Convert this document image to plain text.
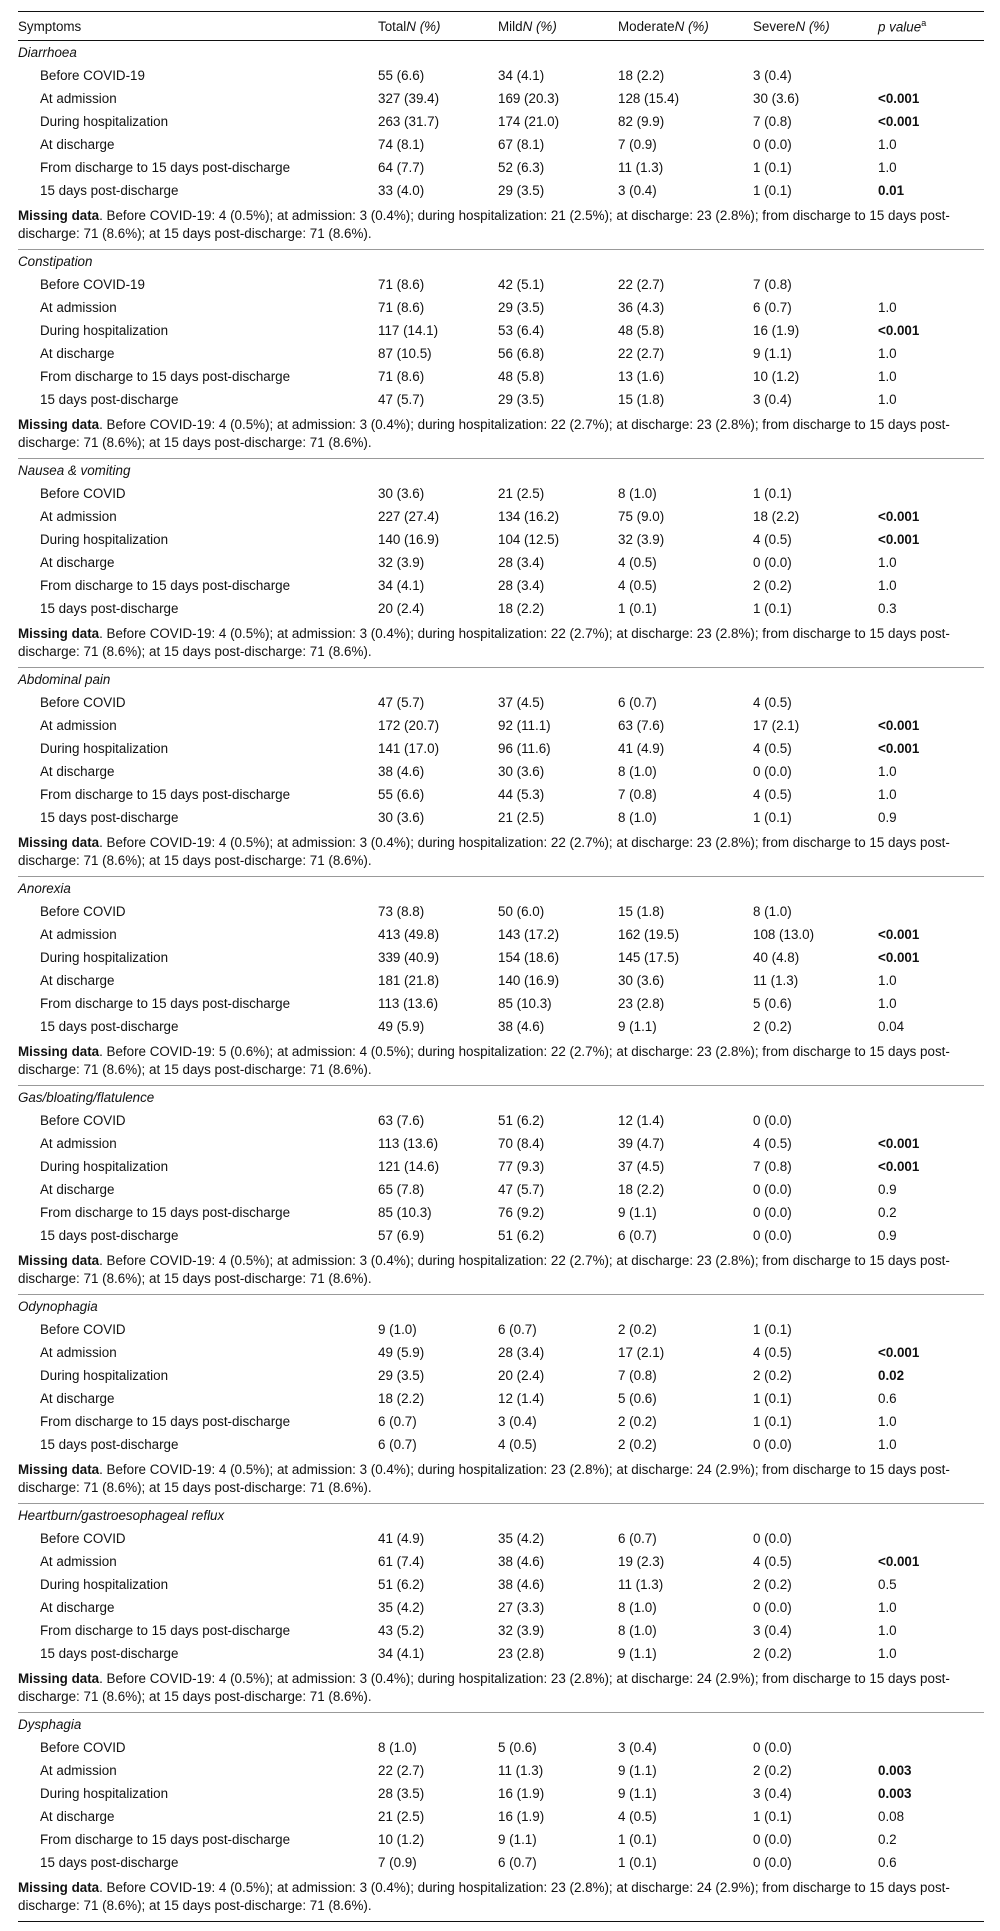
Symptoms	TotalN (%)	MildN (%)	ModerateN (%)	SevereN (%)	p value$^a$
Diarrhoea					
Before COVID-19	55 (6.6)	34 (4.1)	18 (2.2)	3 (0.4)	
At admission	327 (39.4)	169 (20.3)	128 (15.4)	30 (3.6)	<0.001
During hospitalization	263 (31.7)	174 (21.0)	82 (9.9)	7 (0.8)	<0.001
At discharge	74 (8.1)	67 (8.1)	7 (0.9)	0 (0.0)	1.0
From discharge to 15 days post-discharge	64 (7.7)	52 (6.3)	11 (1.3)	1 (0.1)	1.0
15 days post-discharge	33 (4.0)	29 (3.5)	3 (0.4)	1 (0.1)	0.01
Missing data. Before COVID-19: 4 (0.5%); at admission: 3 (0.4%); during hospitalization: 21 (2.5%); at discharge: 23 (2.8%); from discharge to 15 days post-discharge: 71 (8.6%); at 15 days post-discharge: 71 (8.6%).					
Constipation					
Before COVID-19	71 (8.6)	42 (5.1)	22 (2.7)	7 (0.8)	
At admission	71 (8.6)	29 (3.5)	36 (4.3)	6 (0.7)	1.0
During hospitalization	117 (14.1)	53 (6.4)	48 (5.8)	16 (1.9)	<0.001
At discharge	87 (10.5)	56 (6.8)	22 (2.7)	9 (1.1)	1.0
From discharge to 15 days post-discharge	71 (8.6)	48 (5.8)	13 (1.6)	10 (1.2)	1.0
15 days post-discharge	47 (5.7)	29 (3.5)	15 (1.8)	3 (0.4)	1.0
Missing data. Before COVID-19: 4 (0.5%); at admission: 3 (0.4%); during hospitalization: 22 (2.7%); at discharge: 23 (2.8%); from discharge to 15 days post-discharge: 71 (8.6%); at 15 days post-discharge: 71 (8.6%).					
Nausea & vomiting					
Before COVID	30 (3.6)	21 (2.5)	8 (1.0)	1 (0.1)	
At admission	227 (27.4)	134 (16.2)	75 (9.0)	18 (2.2)	<0.001
During hospitalization	140 (16.9)	104 (12.5)	32 (3.9)	4 (0.5)	<0.001
At discharge	32 (3.9)	28 (3.4)	4 (0.5)	0 (0.0)	1.0
From discharge to 15 days post-discharge	34 (4.1)	28 (3.4)	4 (0.5)	2 (0.2)	1.0
15 days post-discharge	20 (2.4)	18 (2.2)	1 (0.1)	1 (0.1)	0.3
Missing data. Before COVID-19: 4 (0.5%); at admission: 3 (0.4%); during hospitalization: 22 (2.7%); at discharge: 23 (2.8%); from discharge to 15 days post-discharge: 71 (8.6%); at 15 days post-discharge: 71 (8.6%).					
Abdominal pain					
Before COVID	47 (5.7)	37 (4.5)	6 (0.7)	4 (0.5)	
At admission	172 (20.7)	92 (11.1)	63 (7.6)	17 (2.1)	<0.001
During hospitalization	141 (17.0)	96 (11.6)	41 (4.9)	4 (0.5)	<0.001
At discharge	38 (4.6)	30 (3.6)	8 (1.0)	0 (0.0)	1.0
From discharge to 15 days post-discharge	55 (6.6)	44 (5.3)	7 (0.8)	4 (0.5)	1.0
15 days post-discharge	30 (3.6)	21 (2.5)	8 (1.0)	1 (0.1)	0.9
Missing data. Before COVID-19: 4 (0.5%); at admission: 3 (0.4%); during hospitalization: 22 (2.7%); at discharge: 23 (2.8%); from discharge to 15 days post-discharge: 71 (8.6%); at 15 days post-discharge: 71 (8.6%).					
Anorexia					
Before COVID	73 (8.8)	50 (6.0)	15 (1.8)	8 (1.0)	
At admission	413 (49.8)	143 (17.2)	162 (19.5)	108 (13.0)	<0.001
During hospitalization	339 (40.9)	154 (18.6)	145 (17.5)	40 (4.8)	<0.001
At discharge	181 (21.8)	140 (16.9)	30 (3.6)	11 (1.3)	1.0
From discharge to 15 days post-discharge	113 (13.6)	85 (10.3)	23 (2.8)	5 (0.6)	1.0
15 days post-discharge	49 (5.9)	38 (4.6)	9 (1.1)	2 (0.2)	0.04
Missing data. Before COVID-19: 5 (0.6%); at admission: 4 (0.5%); during hospitalization: 22 (2.7%); at discharge: 23 (2.8%); from discharge to 15 days post-discharge: 71 (8.6%); at 15 days post-discharge: 71 (8.6%).					
Gas/bloating/flatulence					
Before COVID	63 (7.6)	51 (6.2)	12 (1.4)	0 (0.0)	
At admission	113 (13.6)	70 (8.4)	39 (4.7)	4 (0.5)	<0.001
During hospitalization	121 (14.6)	77 (9.3)	37 (4.5)	7 (0.8)	<0.001
At discharge	65 (7.8)	47 (5.7)	18 (2.2)	0 (0.0)	0.9
From discharge to 15 days post-discharge	85 (10.3)	76 (9.2)	9 (1.1)	0 (0.0)	0.2
15 days post-discharge	57 (6.9)	51 (6.2)	6 (0.7)	0 (0.0)	0.9
Missing data. Before COVID-19: 4 (0.5%); at admission: 3 (0.4%); during hospitalization: 22 (2.7%); at discharge: 23 (2.8%); from discharge to 15 days post-discharge: 71 (8.6%); at 15 days post-discharge: 71 (8.6%).					
Odynophagia					
Before COVID	9 (1.0)	6 (0.7)	2 (0.2)	1 (0.1)	
At admission	49 (5.9)	28 (3.4)	17 (2.1)	4 (0.5)	<0.001
During hospitalization	29 (3.5)	20 (2.4)	7 (0.8)	2 (0.2)	0.02
At discharge	18 (2.2)	12 (1.4)	5 (0.6)	1 (0.1)	0.6
From discharge to 15 days post-discharge	6 (0.7)	3 (0.4)	2 (0.2)	1 (0.1)	1.0
15 days post-discharge	6 (0.7)	4 (0.5)	2 (0.2)	0 (0.0)	1.0
Missing data. Before COVID-19: 4 (0.5%); at admission: 3 (0.4%); during hospitalization: 23 (2.8%); at discharge: 24 (2.9%); from discharge to 15 days post-discharge: 71 (8.6%); at 15 days post-discharge: 71 (8.6%).					
Heartburn/gastroesophageal reflux					
Before COVID	41 (4.9)	35 (4.2)	6 (0.7)	0 (0.0)	
At admission	61 (7.4)	38 (4.6)	19 (2.3)	4 (0.5)	<0.001
During hospitalization	51 (6.2)	38 (4.6)	11 (1.3)	2 (0.2)	0.5
At discharge	35 (4.2)	27 (3.3)	8 (1.0)	0 (0.0)	1.0
From discharge to 15 days post-discharge	43 (5.2)	32 (3.9)	8 (1.0)	3 (0.4)	1.0
15 days post-discharge	34 (4.1)	23 (2.8)	9 (1.1)	2 (0.2)	1.0
Missing data. Before COVID-19: 4 (0.5%); at admission: 3 (0.4%); during hospitalization: 23 (2.8%); at discharge: 24 (2.9%); from discharge to 15 days post-discharge: 71 (8.6%); at 15 days post-discharge: 71 (8.6%).					
Dysphagia					
Before COVID	8 (1.0)	5 (0.6)	3 (0.4)	0 (0.0)	
At admission	22 (2.7)	11 (1.3)	9 (1.1)	2 (0.2)	0.003
During hospitalization	28 (3.5)	16 (1.9)	9 (1.1)	3 (0.4)	0.003
At discharge	21 (2.5)	16 (1.9)	4 (0.5)	1 (0.1)	0.08
From discharge to 15 days post-discharge	10 (1.2)	9 (1.1)	1 (0.1)	0 (0.0)	0.2
15 days post-discharge	7 (0.9)	6 (0.7)	1 (0.1)	0 (0.0)	0.6
Missing data. Before COVID-19: 4 (0.5%); at admission: 3 (0.4%); during hospitalization: 23 (2.8%); at discharge: 24 (2.9%); from discharge to 15 days post-discharge: 71 (8.6%); at 15 days post-discharge: 71 (8.6%).					
